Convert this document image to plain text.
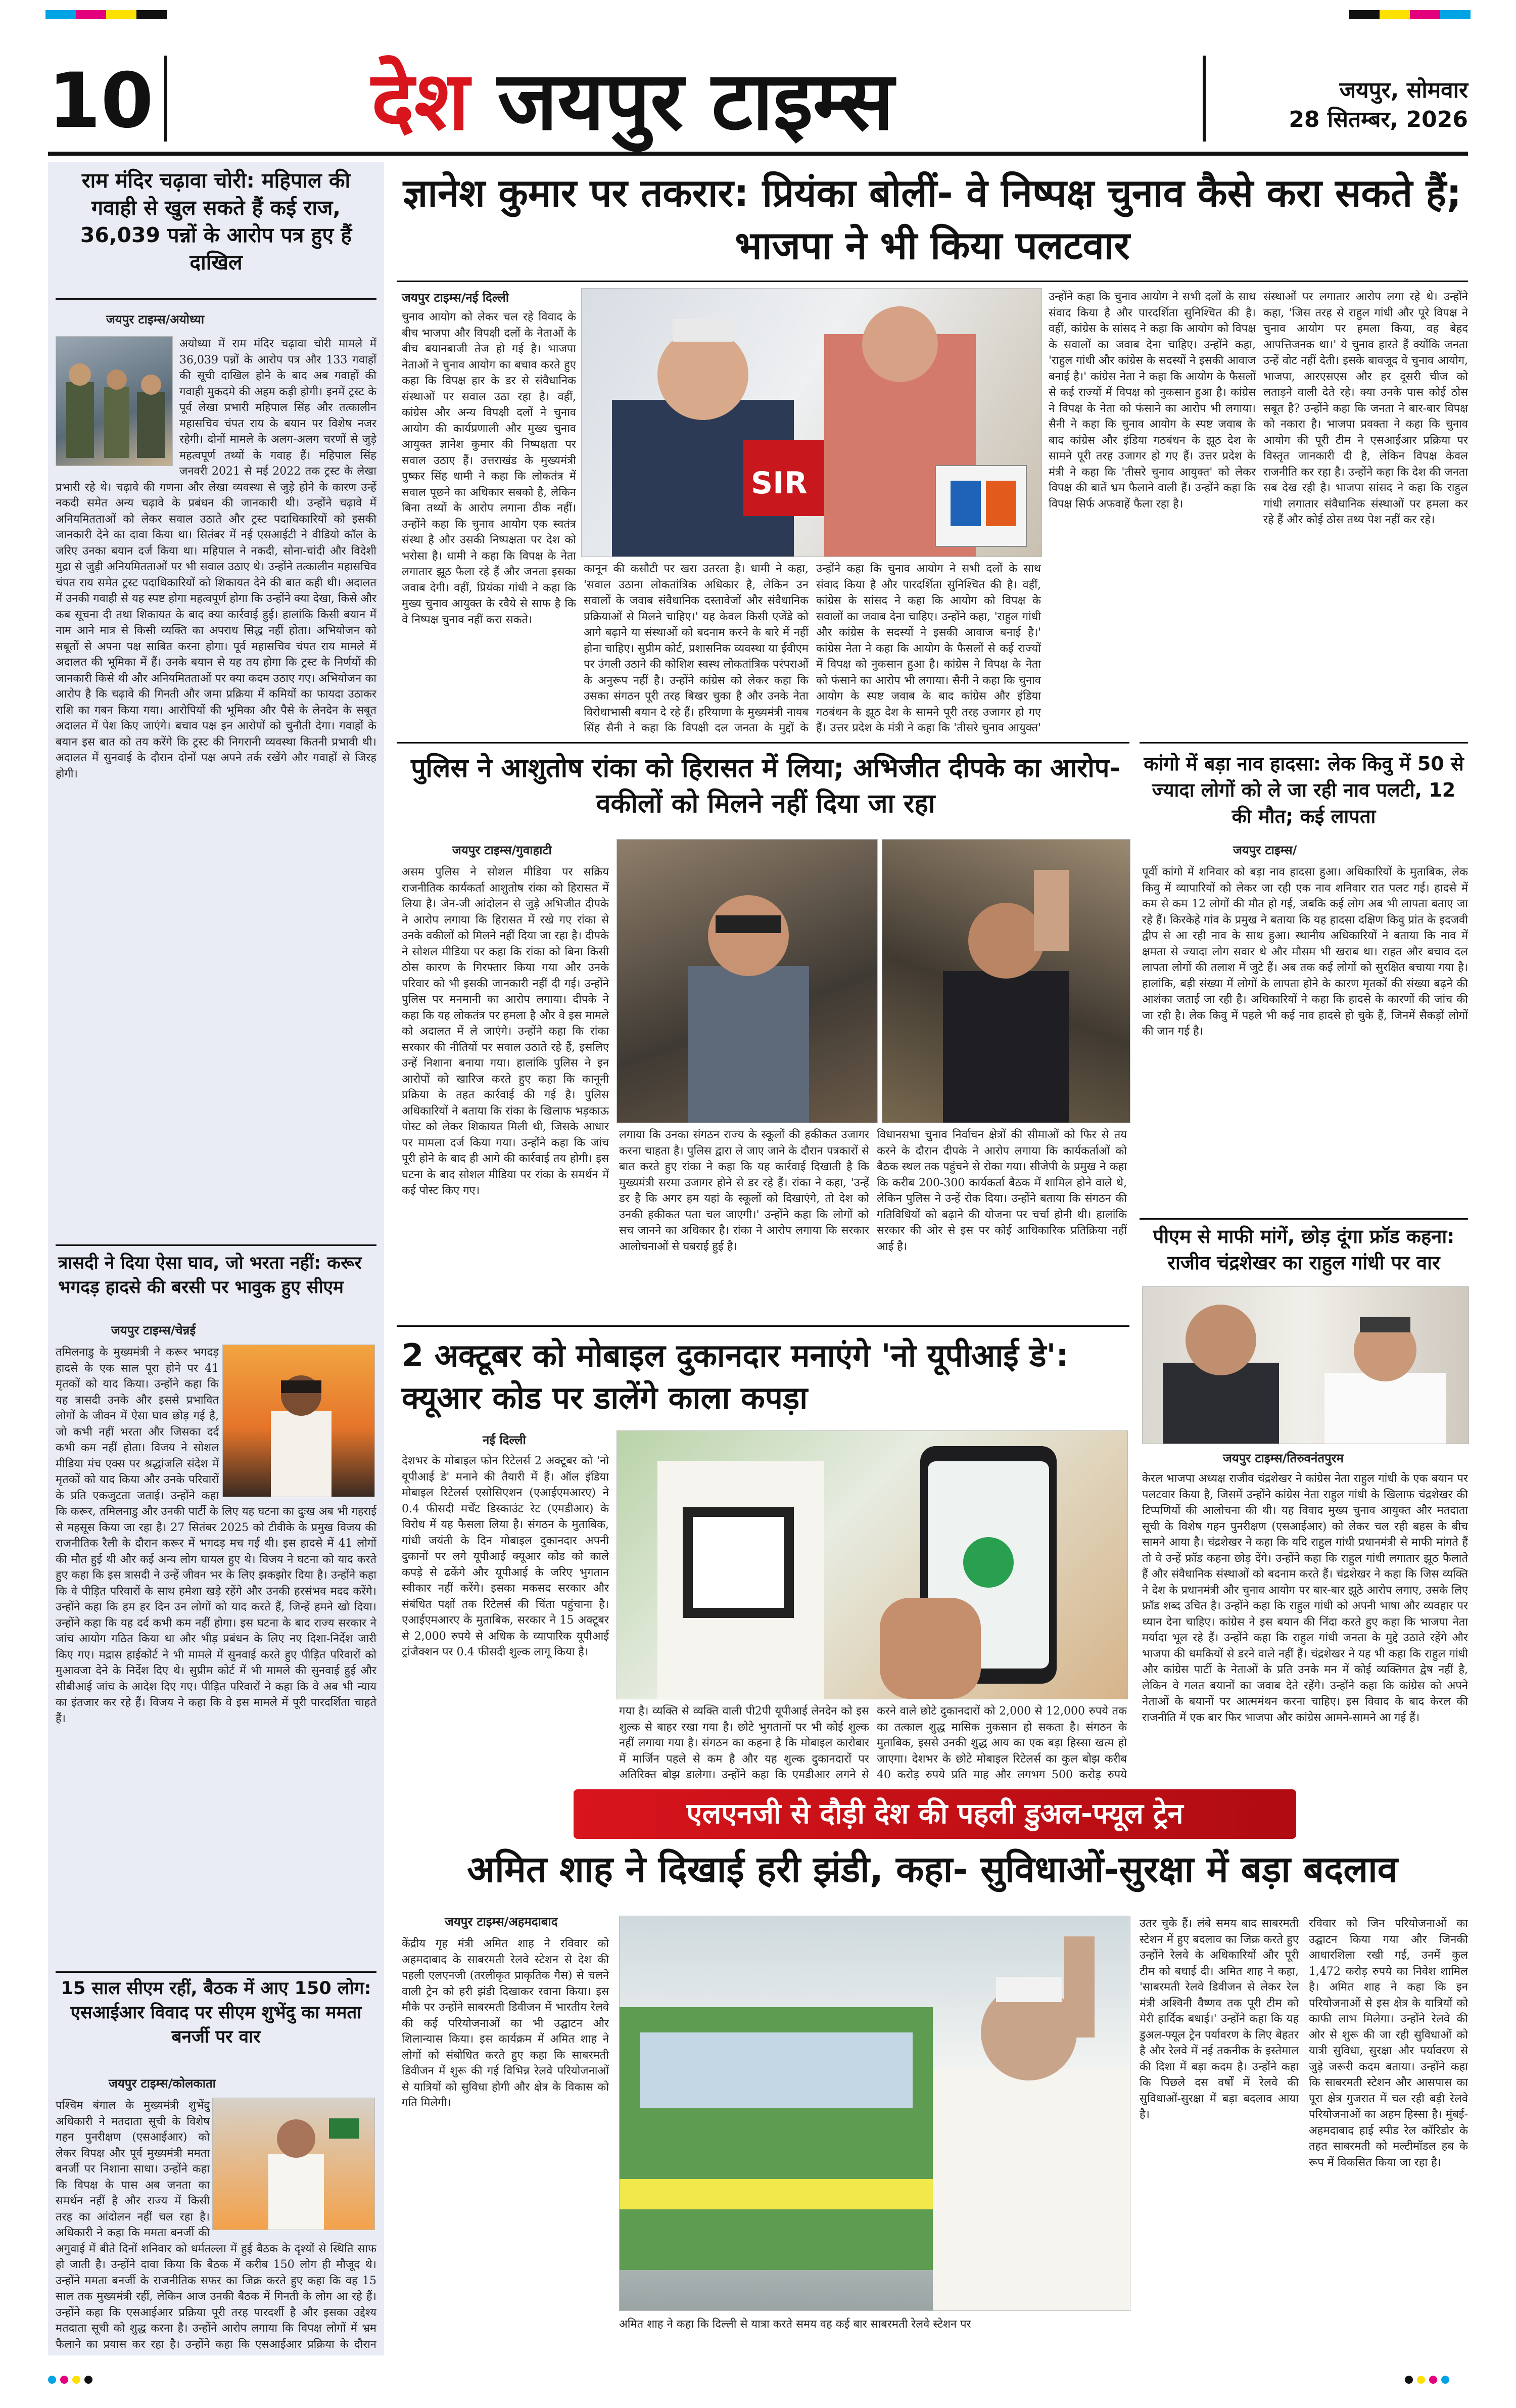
10	देश जयपुर टाइम्स	जयपुर, सोमवार
28 सितम्बर, 2026
राम मंदिर चढ़ावा चोरी: महिपाल की गवाही से खुल सकते हैं कई राज, 36,039 पन्नों के आरोप पत्र हुए हैं दाखिल
जयपुर टाइम्स/अयोध्या
अयोध्या में राम मंदिर चढ़ावा चोरी मामले में 36,039 पन्नों के आरोप पत्र और 133 गवाहों की सूची दाखिल होने के बाद अब गवाहों की गवाही मुकदमे की अहम कड़ी होगी। इनमें ट्रस्ट के पूर्व लेखा प्रभारी महिपाल सिंह और तत्कालीन महासचिव चंपत राय के बयान पर विशेष नजर रहेगी। दोनों मामले के अलग-अलग चरणों से जुड़े महत्वपूर्ण तथ्यों के गवाह हैं। महिपाल सिंह जनवरी 2021 से मई 2022 तक ट्रस्ट के लेखा प्रभारी रहे थे। चढ़ावे की गणना और लेखा व्यवस्था से जुड़े होने के कारण उन्हें नकदी समेत अन्य चढ़ावे के प्रबंधन की जानकारी थी। उन्होंने चढ़ावे में अनियमितताओं को लेकर सवाल उठाते और ट्रस्ट पदाधिकारियों को इसकी जानकारी देने का दावा किया था। सितंबर में नई एसआईटी ने वीडियो कॉल के जरिए उनका बयान दर्ज किया था। महिपाल ने नकदी, सोना-चांदी और विदेशी मुद्रा से जुड़ी अनियमितताओं पर भी सवाल उठाए थे। उन्होंने तत्कालीन महासचिव चंपत राय समेत ट्रस्ट पदाधिकारियों को शिकायत देने की बात कही थी। अदालत में उनकी गवाही से यह स्पष्ट होगा महत्वपूर्ण होगा कि उन्होंने क्या देखा, किसे और कब सूचना दी तथा शिकायत के बाद क्या कार्रवाई हुई। हालांकि किसी बयान में नाम आने मात्र से किसी व्यक्ति का अपराध सिद्ध नहीं होता। अभियोजन को सबूतों से अपना पक्ष साबित करना होगा। पूर्व महासचिव चंपत राय मामले में अदालत की भूमिका में हैं। उनके बयान से यह तय होगा कि ट्रस्ट के निर्णयों की जानकारी किसे थी और अनियमितताओं पर क्या कदम उठाए गए। अभियोजन का आरोप है कि चढ़ावे की गिनती और जमा प्रक्रिया में कमियों का फायदा उठाकर राशि का गबन किया गया। आरोपियों की भूमिका और पैसे के लेनदेन के सबूत अदालत में पेश किए जाएंगे। बचाव पक्ष इन आरोपों को चुनौती देगा। गवाहों के बयान इस बात को तय करेंगे कि ट्रस्ट की निगरानी व्यवस्था कितनी प्रभावी थी। अदालत में सुनवाई के दौरान दोनों पक्ष अपने तर्क रखेंगे और गवाहों से जिरह होगी।
त्रासदी ने दिया ऐसा घाव, जो भरता नहीं: करूर भगदड़ हादसे की बरसी पर भावुक हुए सीएम
जयपुर टाइम्स/चेन्नई
तमिलनाडु के मुख्यमंत्री ने करूर भगदड़ हादसे के एक साल पूरा होने पर 41 मृतकों को याद किया। उन्होंने कहा कि यह त्रासदी उनके और इससे प्रभावित लोगों के जीवन में ऐसा घाव छोड़ गई है, जो कभी नहीं भरता और जिसका दर्द कभी कम नहीं होता। विजय ने सोशल मीडिया मंच एक्स पर श्रद्धांजलि संदेश में मृतकों को याद किया और उनके परिवारों के प्रति एकजुटता जताई। उन्होंने कहा कि करूर, तमिलनाडु और उनकी पार्टी के लिए यह घटना का दुःख अब भी गहराई से महसूस किया जा रहा है। 27 सितंबर 2025 को टीवीके के प्रमुख विजय की राजनीतिक रैली के दौरान करूर में भगदड़ मच गई थी। इस हादसे में 41 लोगों की मौत हुई थी और कई अन्य लोग घायल हुए थे। विजय ने घटना को याद करते हुए कहा कि इस त्रासदी ने उन्हें जीवन भर के लिए झकझोर दिया है। उन्होंने कहा कि वे पीड़ित परिवारों के साथ हमेशा खड़े रहेंगे और उनकी हरसंभव मदद करेंगे। उन्होंने कहा कि हम हर दिन उन लोगों को याद करते हैं, जिन्हें हमने खो दिया। उन्होंने कहा कि यह दर्द कभी कम नहीं होगा। इस घटना के बाद राज्य सरकार ने जांच आयोग गठित किया था और भीड़ प्रबंधन के लिए नए दिशा-निर्देश जारी किए गए। मद्रास हाईकोर्ट ने भी मामले में सुनवाई करते हुए पीड़ित परिवारों को मुआवजा देने के निर्देश दिए थे। सुप्रीम कोर्ट में भी मामले की सुनवाई हुई और सीबीआई जांच के आदेश दिए गए। पीड़ित परिवारों ने कहा कि वे अब भी न्याय का इंतजार कर रहे हैं। विजय ने कहा कि वे इस मामले में पूरी पारदर्शिता चाहते हैं।
15 साल सीएम रहीं, बैठक में आए 150 लोग: एसआईआर विवाद पर सीएम शुभेंदु का ममता बनर्जी पर वार
जयपुर टाइम्स/कोलकाता
पश्चिम बंगाल के मुख्यमंत्री शुभेंदु अधिकारी ने मतदाता सूची के विशेष गहन पुनरीक्षण (एसआईआर) को लेकर विपक्ष और पूर्व मुख्यमंत्री ममता बनर्जी पर निशाना साधा। उन्होंने कहा कि विपक्ष के पास अब जनता का समर्थन नहीं है और राज्य में किसी तरह का आंदोलन नहीं चल रहा है। अधिकारी ने कहा कि ममता बनर्जी की अगुवाई में बीते दिनों शनिवार को धर्मतल्ला में हुई बैठक के दृश्यों से स्थिति साफ हो जाती है। उन्होंने दावा किया कि बैठक में करीब 150 लोग ही मौजूद थे। उन्होंने ममता बनर्जी के राजनीतिक सफर का जिक्र करते हुए कहा कि वह 15 साल तक मुख्यमंत्री रहीं, लेकिन आज उनकी बैठक में गिनती के लोग आ रहे हैं। उन्होंने कहा कि एसआईआर प्रक्रिया पूरी तरह पारदर्शी है और इसका उद्देश्य मतदाता सूची को शुद्ध करना है। उन्होंने आरोप लगाया कि विपक्ष लोगों में भ्रम फैलाने का प्रयास कर रहा है। उन्होंने कहा कि एसआईआर प्रक्रिया के दौरान
ज्ञानेश कुमार पर तकरार: प्रियंका बोलीं- वे निष्पक्ष चुनाव कैसे करा सकते हैं; भाजपा ने भी किया पलटवार
जयपुर टाइम्स/नई दिल्ली
SIR
चुनाव आयोग को लेकर चल रहे विवाद के बीच भाजपा और विपक्षी दलों के नेताओं के बीच बयानबाजी तेज हो गई है। भाजपा नेताओं ने चुनाव आयोग का बचाव करते हुए कहा कि विपक्ष हार के डर से संवैधानिक संस्थाओं पर सवाल उठा रहा है। वहीं, कांग्रेस और अन्य विपक्षी दलों ने चुनाव आयोग की कार्यप्रणाली और मुख्य चुनाव आयुक्त ज्ञानेश कुमार की निष्पक्षता पर सवाल उठाए हैं। उत्तराखंड के मुख्यमंत्री पुष्कर सिंह धामी ने कहा कि लोकतंत्र में सवाल पूछने का अधिकार सबको है, लेकिन बिना तथ्यों के आरोप लगाना ठीक नहीं। उन्होंने कहा कि चुनाव आयोग एक स्वतंत्र संस्था है और उसकी निष्पक्षता पर देश को भरोसा है। धामी ने कहा कि विपक्ष के नेता लगातार झूठ फैला रहे हैं और जनता इसका जवाब देगी। वहीं, प्रियंका गांधी ने कहा कि मुख्य चुनाव आयुक्त के रवैये से साफ है कि वे निष्पक्ष चुनाव नहीं करा सकते।
कानून की कसौटी पर खरा उतरता है। धामी ने कहा, 'सवाल उठाना लोकतांत्रिक अधिकार है, लेकिन उन सवालों के जवाब संवैधानिक दस्तावेजों और संवैधानिक प्रक्रियाओं से मिलने चाहिए।' यह केवल किसी एजेंडे को आगे बढ़ाने या संस्थाओं को बदनाम करने के बारे में नहीं होना चाहिए। सुप्रीम कोर्ट, प्रशासनिक व्यवस्था या ईवीएम पर उंगली उठाने की कोशिश स्वस्थ लोकतांत्रिक परंपराओं के अनुरूप नहीं है। उन्होंने कांग्रेस को लेकर कहा कि उसका संगठन पूरी तरह बिखर चुका है और उनके नेता विरोधाभासी बयान दे रहे हैं। हरियाणा के मुख्यमंत्री नायब सिंह सैनी ने कहा कि विपक्षी दल जनता के मुद्दों के
उन्होंने कहा कि चुनाव आयोग ने सभी दलों के साथ संवाद किया है और पारदर्शिता सुनिश्चित की है। वहीं, कांग्रेस के सांसद ने कहा कि आयोग को विपक्ष के सवालों का जवाब देना चाहिए। उन्होंने कहा, 'राहुल गांधी और कांग्रेस के सदस्यों ने इसकी आवाज बनाई है।' कांग्रेस नेता ने कहा कि आयोग के फैसलों से कई राज्यों में विपक्ष को नुकसान हुआ है। कांग्रेस ने विपक्ष के नेता को फंसाने का आरोप भी लगाया। सैनी ने कहा कि चुनाव आयोग के स्पष्ट जवाब के बाद कांग्रेस और इंडिया गठबंधन के झूठ देश के सामने पूरी तरह उजागर हो गए हैं। उत्तर प्रदेश के मंत्री ने कहा कि 'तीसरे चुनाव आयुक्त'
उन्होंने कहा कि चुनाव आयोग ने सभी दलों के साथ संवाद किया है और पारदर्शिता सुनिश्चित की है। वहीं, कांग्रेस के सांसद ने कहा कि आयोग को विपक्ष के सवालों का जवाब देना चाहिए। उन्होंने कहा, 'राहुल गांधी और कांग्रेस के सदस्यों ने इसकी आवाज बनाई है।' कांग्रेस नेता ने कहा कि आयोग के फैसलों से कई राज्यों में विपक्ष को नुकसान हुआ है। कांग्रेस ने विपक्ष के नेता को फंसाने का आरोप भी लगाया। सैनी ने कहा कि चुनाव आयोग के स्पष्ट जवाब के बाद कांग्रेस और इंडिया गठबंधन के झूठ देश के सामने पूरी तरह उजागर हो गए हैं। उत्तर प्रदेश के मंत्री ने कहा कि 'तीसरे चुनाव आयुक्त' को लेकर विपक्ष की बातें भ्रम फैलाने वाली हैं। उन्होंने कहा कि विपक्ष सिर्फ अफवाहें फैला रहा है।
संस्थाओं पर लगातार आरोप लगा रहे थे। उन्होंने कहा, 'जिस तरह से राहुल गांधी और पूरे विपक्ष ने चुनाव आयोग पर हमला किया, वह बेहद आपत्तिजनक था।' ये चुनाव हारते हैं क्योंकि जनता उन्हें वोट नहीं देती। इसके बावजूद वे चुनाव आयोग, भाजपा, आरएसएस और हर दूसरी चीज को लताड़ने वाली देते रहे। क्या उनके पास कोई ठोस सबूत है? उन्होंने कहा कि जनता ने बार-बार विपक्ष को नकारा है। भाजपा प्रवक्ता ने कहा कि चुनाव आयोग की पूरी टीम ने एसआईआर प्रक्रिया पर विस्तृत जानकारी दी है, लेकिन विपक्ष केवल राजनीति कर रहा है। उन्होंने कहा कि देश की जनता सब देख रही है। भाजपा सांसद ने कहा कि राहुल गांधी लगातार संवैधानिक संस्थाओं पर हमला कर रहे हैं और कोई ठोस तथ्य पेश नहीं कर रहे।
पुलिस ने आशुतोष रांका को हिरासत में लिया; अभिजीत दीपके का आरोप- वकीलों को मिलने नहीं दिया जा रहा
जयपुर टाइम्स/गुवाहाटी
असम पुलिस ने सोशल मीडिया पर सक्रिय राजनीतिक कार्यकर्ता आशुतोष रांका को हिरासत में लिया है। जेन-जी आंदोलन से जुड़े अभिजीत दीपके ने आरोप लगाया कि हिरासत में रखे गए रांका से उनके वकीलों को मिलने नहीं दिया जा रहा है। दीपके ने सोशल मीडिया पर कहा कि रांका को बिना किसी ठोस कारण के गिरफ्तार किया गया और उनके परिवार को भी इसकी जानकारी नहीं दी गई। उन्होंने पुलिस पर मनमानी का आरोप लगाया। दीपके ने कहा कि यह लोकतंत्र पर हमला है और वे इस मामले को अदालत में ले जाएंगे। उन्होंने कहा कि रांका सरकार की नीतियों पर सवाल उठाते रहे हैं, इसलिए उन्हें निशाना बनाया गया। हालांकि पुलिस ने इन आरोपों को खारिज करते हुए कहा कि कानूनी प्रक्रिया के तहत कार्रवाई की गई है। पुलिस अधिकारियों ने बताया कि रांका के खिलाफ भड़काऊ पोस्ट को लेकर शिकायत मिली थी, जिसके आधार पर मामला दर्ज किया गया। उन्होंने कहा कि जांच पूरी होने के बाद ही आगे की कार्रवाई तय होगी। इस घटना के बाद सोशल मीडिया पर रांका के समर्थन में कई पोस्ट किए गए।
लगाया कि उनका संगठन राज्य के स्कूलों की हकीकत उजागर करना चाहता है। पुलिस द्वारा ले जाए जाने के दौरान पत्रकारों से बात करते हुए रांका ने कहा कि यह कार्रवाई दिखाती है कि मुख्यमंत्री सरमा उजागर होने से डर रहे हैं। रांका ने कहा, 'उन्हें डर है कि अगर हम यहां के स्कूलों को दिखाएंगे, तो देश को उनकी हकीकत पता चल जाएगी।' उन्होंने कहा कि लोगों को सच जानने का अधिकार है। रांका ने आरोप लगाया कि सरकार आलोचनाओं से घबराई हुई है।
विधानसभा चुनाव निर्वाचन क्षेत्रों की सीमाओं को फिर से तय करने के दौरान दीपके ने आरोप लगाया कि कार्यकर्ताओं को बैठक स्थल तक पहुंचने से रोका गया। सीजेपी के प्रमुख ने कहा कि करीब 200-300 कार्यकर्ता बैठक में शामिल होने वाले थे, लेकिन पुलिस ने उन्हें रोक दिया। उन्होंने बताया कि संगठन की गतिविधियों को बढ़ाने की योजना पर चर्चा होनी थी। हालांकि सरकार की ओर से इस पर कोई आधिकारिक प्रतिक्रिया नहीं आई है।
2 अक्टूबर को मोबाइल दुकानदार मनाएंगे 'नो यूपीआई डे': क्यूआर कोड पर डालेंगे काला कपड़ा
नई दिल्ली
देशभर के मोबाइल फोन रिटेलर्स 2 अक्टूबर को 'नो यूपीआई डे' मनाने की तैयारी में हैं। ऑल इंडिया मोबाइल रिटेलर्स एसोसिएशन (एआईएमआरए) ने 0.4 फीसदी मर्चेंट डिस्काउंट रेट (एमडीआर) के विरोध में यह फैसला लिया है। संगठन के मुताबिक, गांधी जयंती के दिन मोबाइल दुकानदार अपनी दुकानों पर लगे यूपीआई क्यूआर कोड को काले कपड़े से ढकेंगे और यूपीआई के जरिए भुगतान स्वीकार नहीं करेंगे। इसका मकसद सरकार और संबंधित पक्षों तक रिटेलर्स की चिंता पहुंचाना है। एआईएमआरए के मुताबिक, सरकार ने 15 अक्टूबर से 2,000 रुपये से अधिक के व्यापारिक यूपीआई ट्रांजैक्शन पर 0.4 फीसदी शुल्क लागू किया है।
गया है। व्यक्ति से व्यक्ति वाली पी2पी यूपीआई लेनदेन को इस शुल्क से बाहर रखा गया है। छोटे भुगतानों पर भी कोई शुल्क नहीं लगाया गया है। संगठन का कहना है कि मोबाइल कारोबार में मार्जिन पहले से कम है और यह शुल्क दुकानदारों पर अतिरिक्त बोझ डालेगा। उन्होंने कहा कि एमडीआर लगने से
करने वाले छोटे दुकानदारों को 2,000 से 12,000 रुपये तक का तत्काल शुद्ध मासिक नुकसान हो सकता है। संगठन के मुताबिक, इससे उनकी शुद्ध आय का एक बड़ा हिस्सा खत्म हो जाएगा। देशभर के छोटे मोबाइल रिटेलर्स का कुल बोझ करीब 40 करोड़ रुपये प्रति माह और लगभग 500 करोड़ रुपये
कांगो में बड़ा नाव हादसा: लेक किवु में 50 से ज्यादा लोगों को ले जा रही नाव पलटी, 12 की मौत; कई लापता
जयपुर टाइम्स/
पूर्वी कांगो में शनिवार को बड़ा नाव हादसा हुआ। अधिकारियों के मुताबिक, लेक किवु में व्यापारियों को लेकर जा रही एक नाव शनिवार रात पलट गई। हादसे में कम से कम 12 लोगों की मौत हो गई, जबकि कई लोग अब भी लापता बताए जा रहे हैं। किरकेहे गांव के प्रमुख ने बताया कि यह हादसा दक्षिण किवु प्रांत के इदजवी द्वीप से आ रही नाव के साथ हुआ। स्थानीय अधिकारियों ने बताया कि नाव में क्षमता से ज्यादा लोग सवार थे और मौसम भी खराब था। राहत और बचाव दल लापता लोगों की तलाश में जुटे हैं। अब तक कई लोगों को सुरक्षित बचाया गया है। हालांकि, बड़ी संख्या में लोगों के लापता होने के कारण मृतकों की संख्या बढ़ने की आशंका जताई जा रही है। अधिकारियों ने कहा कि हादसे के कारणों की जांच की जा रही है। लेक किवु में पहले भी कई नाव हादसे हो चुके हैं, जिनमें सैकड़ों लोगों की जान गई है।
पीएम से माफी मांगें, छोड़ दूंगा फ्रॉड कहना: राजीव चंद्रशेखर का राहुल गांधी पर वार
जयपुर टाइम्स/तिरुवनंतपुरम
केरल भाजपा अध्यक्ष राजीव चंद्रशेखर ने कांग्रेस नेता राहुल गांधी के एक बयान पर पलटवार किया है, जिसमें उन्होंने कांग्रेस नेता राहुल गांधी के खिलाफ चंद्रशेखर की टिप्पणियों की आलोचना की थी। यह विवाद मुख्य चुनाव आयुक्त और मतदाता सूची के विशेष गहन पुनरीक्षण (एसआईआर) को लेकर चल रही बहस के बीच सामने आया है। चंद्रशेखर ने कहा कि यदि राहुल गांधी प्रधानमंत्री से माफी मांगते हैं तो वे उन्हें फ्रॉड कहना छोड़ देंगे। उन्होंने कहा कि राहुल गांधी लगातार झूठ फैलाते हैं और संवैधानिक संस्थाओं को बदनाम करते हैं। चंद्रशेखर ने कहा कि जिस व्यक्ति ने देश के प्रधानमंत्री और चुनाव आयोग पर बार-बार झूठे आरोप लगाए, उसके लिए फ्रॉड शब्द उचित है। उन्होंने कहा कि राहुल गांधी को अपनी भाषा और व्यवहार पर ध्यान देना चाहिए। कांग्रेस ने इस बयान की निंदा करते हुए कहा कि भाजपा नेता मर्यादा भूल रहे हैं। उन्होंने कहा कि राहुल गांधी जनता के मुद्दे उठाते रहेंगे और भाजपा की धमकियों से डरने वाले नहीं हैं। चंद्रशेखर ने यह भी कहा कि राहुल गांधी और कांग्रेस पार्टी के नेताओं के प्रति उनके मन में कोई व्यक्तिगत द्वेष नहीं है, लेकिन वे गलत बयानों का जवाब देते रहेंगे। उन्होंने कहा कि कांग्रेस को अपने नेताओं के बयानों पर आत्ममंथन करना चाहिए। इस विवाद के बाद केरल की राजनीति में एक बार फिर भाजपा और कांग्रेस आमने-सामने आ गई हैं।
एलएनजी से दौड़ी देश की पहली डुअल-फ्यूल ट्रेन
अमित शाह ने दिखाई हरी झंडी, कहा- सुविधाओं-सुरक्षा में बड़ा बदलाव
जयपुर टाइम्स/अहमदाबाद
केंद्रीय गृह मंत्री अमित शाह ने रविवार को अहमदाबाद के साबरमती रेलवे स्टेशन से देश की पहली एलएनजी (तरलीकृत प्राकृतिक गैस) से चलने वाली ट्रेन को हरी झंडी दिखाकर रवाना किया। इस मौके पर उन्होंने साबरमती डिवीजन में भारतीय रेलवे की कई परियोजनाओं का भी उद्घाटन और शिलान्यास किया। इस कार्यक्रम में अमित शाह ने लोगों को संबोधित करते हुए कहा कि साबरमती डिवीजन में शुरू की गई विभिन्न रेलवे परियोजनाओं से यात्रियों को सुविधा होगी और क्षेत्र के विकास को गति मिलेगी।
अमित शाह ने कहा कि दिल्ली से यात्रा करते समय वह कई बार साबरमती रेलवे स्टेशन पर
उतर चुके हैं। लंबे समय बाद साबरमती स्टेशन में हुए बदलाव का जिक्र करते हुए उन्होंने रेलवे के अधिकारियों और पूरी टीम को बधाई दी। अमित शाह ने कहा, 'साबरमती रेलवे डिवीजन से लेकर रेल मंत्री अश्विनी वैष्णव तक पूरी टीम को मेरी हार्दिक बधाई।' उन्होंने कहा कि यह डुअल-फ्यूल ट्रेन पर्यावरण के लिए बेहतर है और रेलवे में नई तकनीक के इस्तेमाल की दिशा में बड़ा कदम है। उन्होंने कहा कि पिछले दस वर्षों में रेलवे की सुविधाओं-सुरक्षा में बड़ा बदलाव आया है।
रविवार को जिन परियोजनाओं का उद्घाटन किया गया और जिनकी आधारशिला रखी गई, उनमें कुल 1,472 करोड़ रुपये का निवेश शामिल है। अमित शाह ने कहा कि इन परियोजनाओं से इस क्षेत्र के यात्रियों को काफी लाभ मिलेगा। उन्होंने रेलवे की ओर से शुरू की जा रही सुविधाओं को यात्री सुविधा, सुरक्षा और पर्यावरण से जुड़े जरूरी कदम बताया। उन्होंने कहा कि साबरमती स्टेशन और आसपास का पूरा क्षेत्र गुजरात में चल रही बड़ी रेलवे परियोजनाओं का अहम हिस्सा है। मुंबई-अहमदाबाद हाई स्पीड रेल कॉरिडोर के तहत साबरमती को मल्टीमॉडल हब के रूप में विकसित किया जा रहा है।
